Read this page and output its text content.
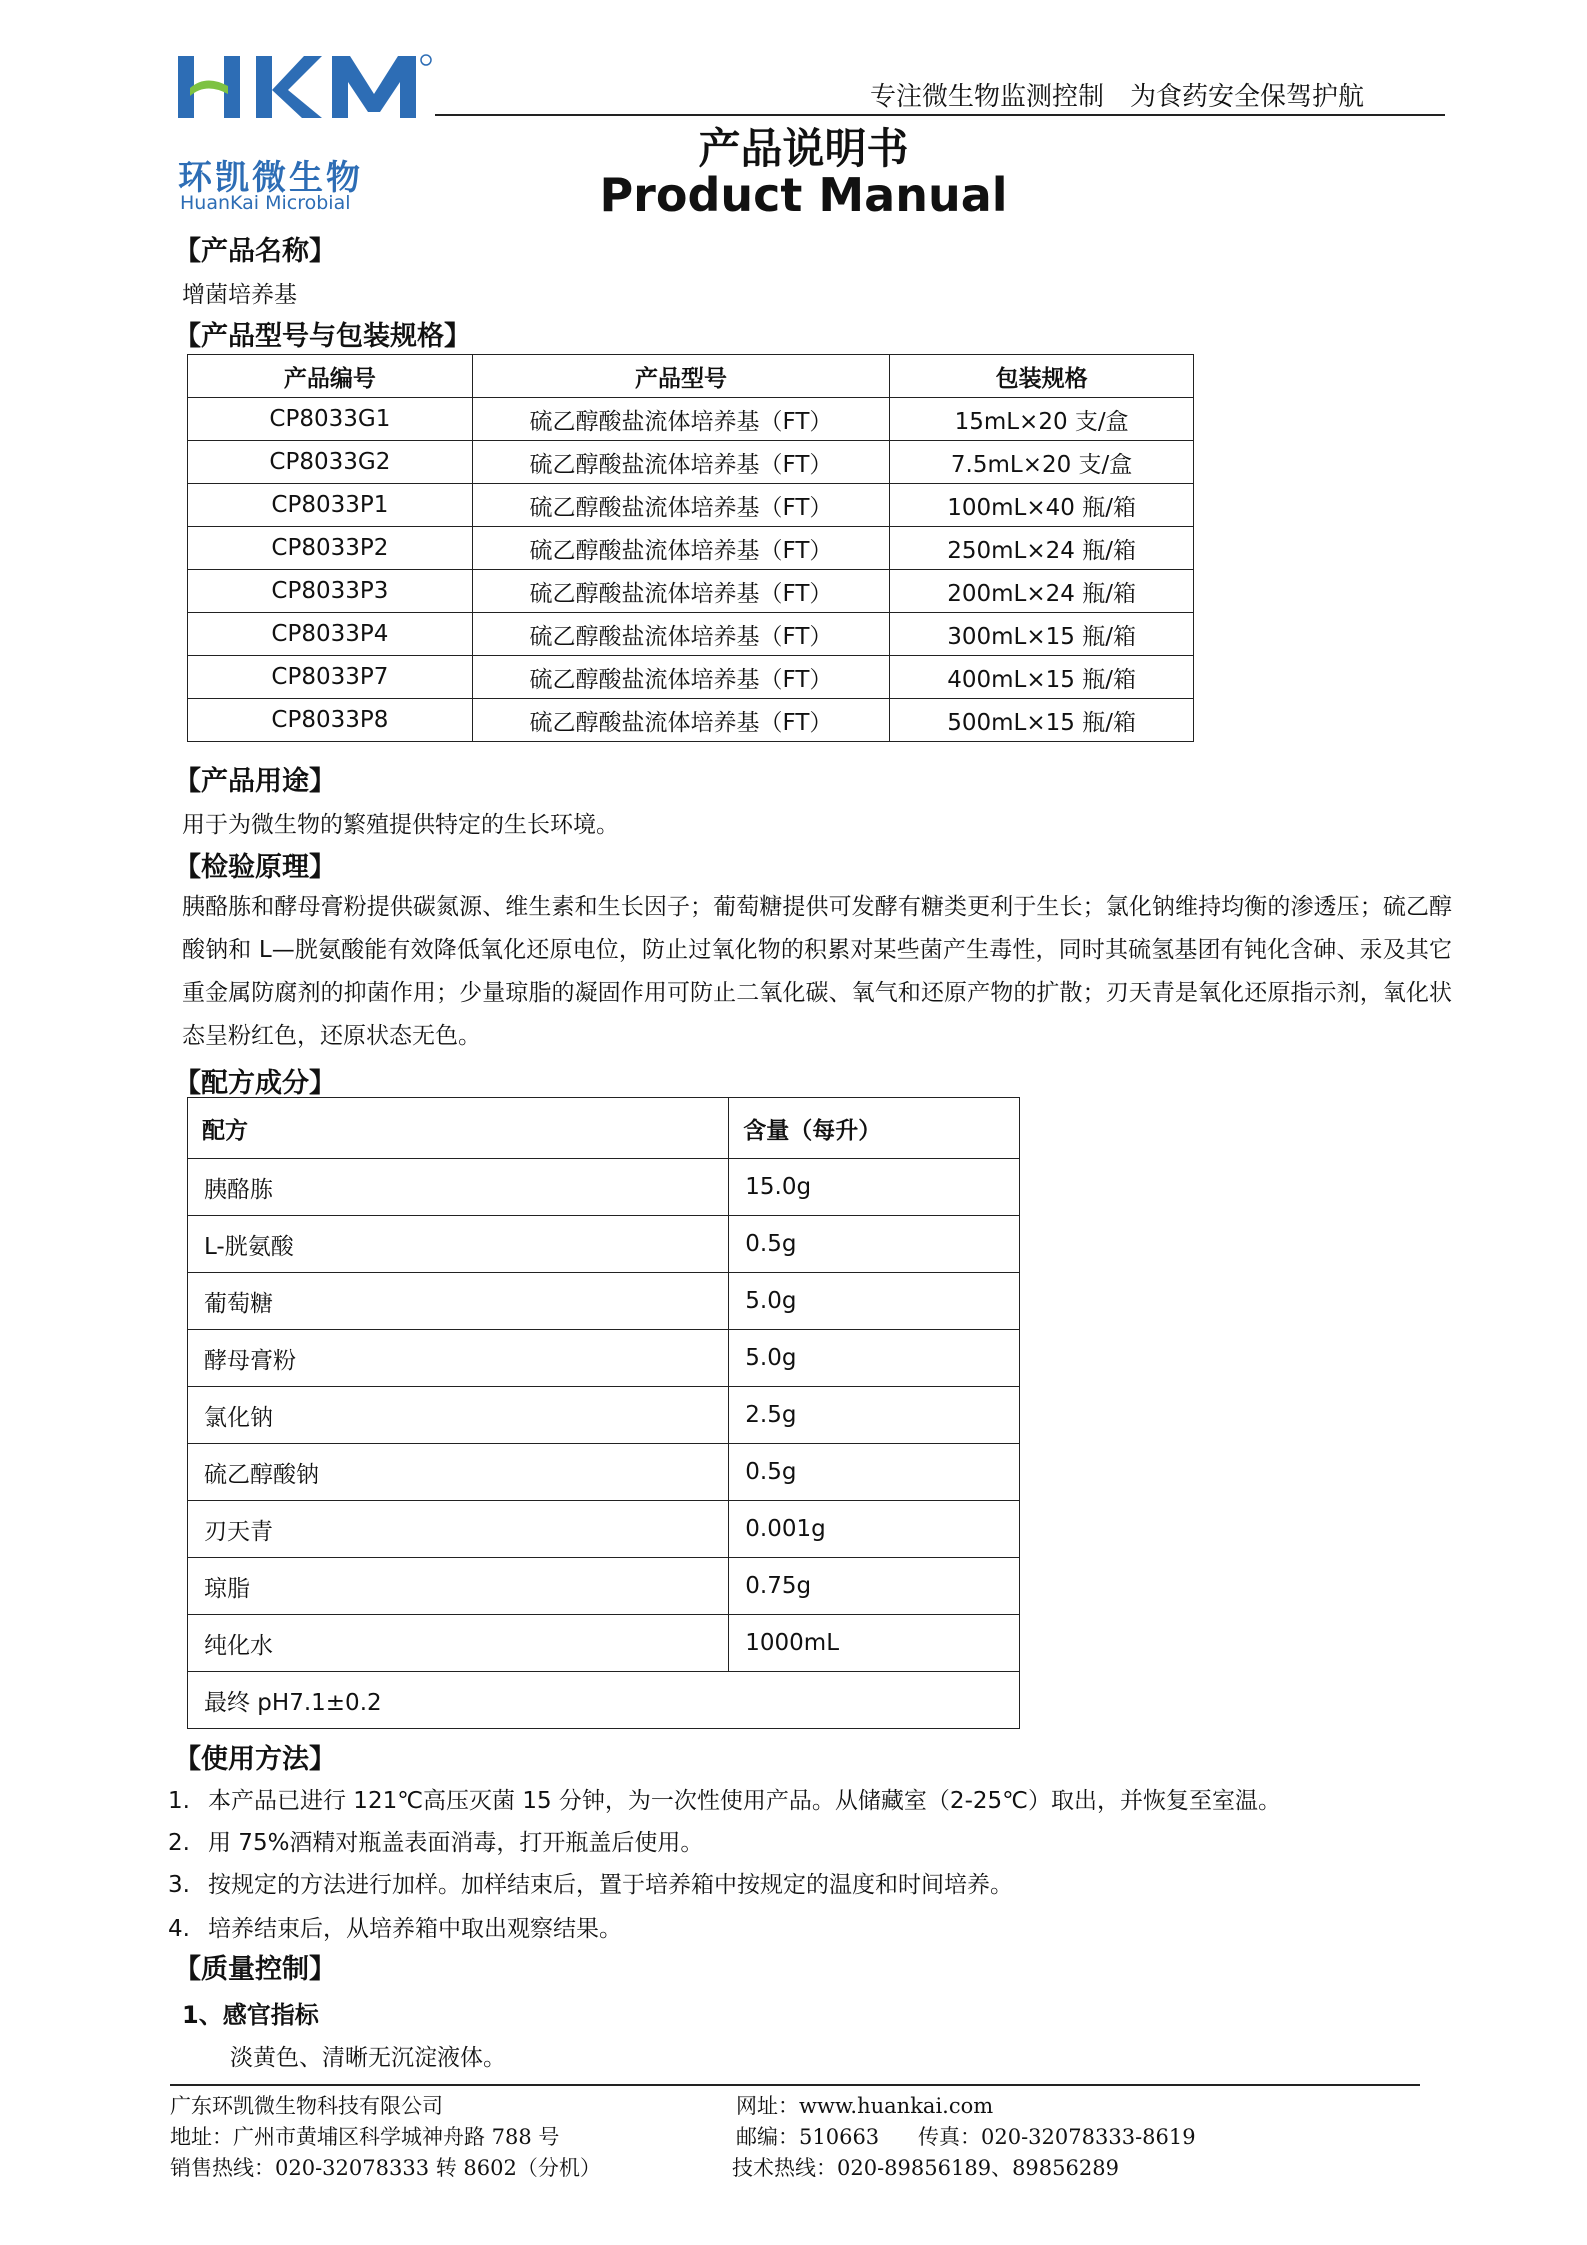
环凯微生物
HuanKai Microbial
专注微生物监测控制　为食药安全保驾护航
产品说明书
Product Manual
【产品名称】
增菌培养基
【产品型号与包装规格】
产品编号	产品型号	包装规格
CP8033G1	硫乙醇酸盐流体培养基（FT）	15mL×20 支/盒
CP8033G2	硫乙醇酸盐流体培养基（FT）	7.5mL×20 支/盒
CP8033P1	硫乙醇酸盐流体培养基（FT）	100mL×40 瓶/箱
CP8033P2	硫乙醇酸盐流体培养基（FT）	250mL×24 瓶/箱
CP8033P3	硫乙醇酸盐流体培养基（FT）	200mL×24 瓶/箱
CP8033P4	硫乙醇酸盐流体培养基（FT）	300mL×15 瓶/箱
CP8033P7	硫乙醇酸盐流体培养基（FT）	400mL×15 瓶/箱
CP8033P8	硫乙醇酸盐流体培养基（FT）	500mL×15 瓶/箱
【产品用途】
用于为微生物的繁殖提供特定的生长环境。
【检验原理】
胰酪胨和酵母膏粉提供碳氮源、维生素和生长因子；葡萄糖提供可发酵有糖类更利于生长；氯化钠维持均衡的渗透压；硫乙醇酸钠和 L—胱氨酸能有效降低氧化还原电位，防止过氧化物的积累对某些菌产生毒性，同时其硫氢基团有钝化含砷、汞及其它重金属防腐剂的抑菌作用；少量琼脂的凝固作用可防止二氧化碳、氧气和还原产物的扩散；刃天青是氧化还原指示剂，氧化状态呈粉红色，还原状态无色。
【配方成分】
配方	含量（每升）
胰酪胨	15.0g
L-胱氨酸	0.5g
葡萄糖	5.0g
酵母膏粉	5.0g
氯化钠	2.5g
硫乙醇酸钠	0.5g
刃天青	0.001g
琼脂	0.75g
纯化水	1000mL
最终 pH7.1±0.2	
【使用方法】
1. 本产品已进行 121℃高压灭菌 15 分钟，为一次性使用产品。从储藏室（2-25℃）取出，并恢复至室温。
2. 用 75%酒精对瓶盖表面消毒，打开瓶盖后使用。
3. 按规定的方法进行加样。加样结束后，置于培养箱中按规定的温度和时间培养。
4. 培养结束后，从培养箱中取出观察结果。
【质量控制】
1、感官指标
淡黄色、清晰无沉淀液体。
广东环凯微生物科技有限公司
地址：广州市黄埔区科学城神舟路 788 号
销售热线：020-32078333 转 8602（分机）
网址：www.huankai.com
邮编：510663 传真：020-32078333-8619
技术热线：020-89856189、89856289
